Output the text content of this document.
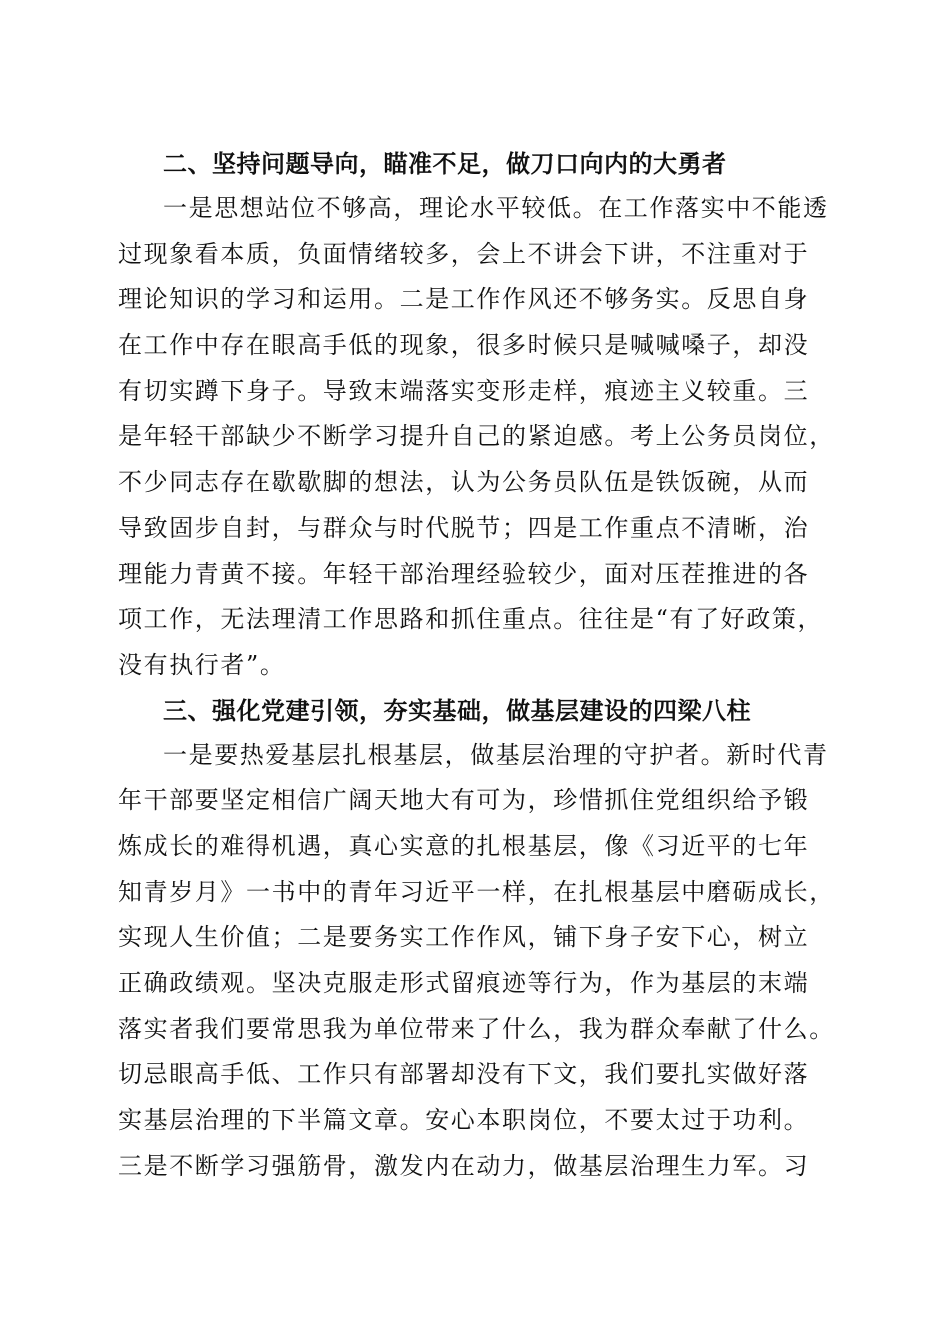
二、坚持问题导向，瞄准不足，做刀口向内的大勇者
一是思想站位不够高，理论水平较低。在工作落实中不能透
过现象看本质，负面情绪较多，会上不讲会下讲，不注重对于
理论知识的学习和运用。二是工作作风还不够务实。反思自身
在工作中存在眼高手低的现象，很多时候只是喊喊嗓子，却没
有切实蹲下身子。导致末端落实变形走样，痕迹主义较重。三
是年轻干部缺少不断学习提升自己的紧迫感。考上公务员岗位，
不少同志存在歇歇脚的想法，认为公务员队伍是铁饭碗，从而
导致固步自封，与群众与时代脱节；四是工作重点不清晰，治
理能力青黄不接。年轻干部治理经验较少，面对压茬推进的各
项工作，无法理清工作思路和抓住重点。往往是“有了好政策，
没有执行者”。
三、强化党建引领，夯实基础，做基层建设的四梁八柱
一是要热爱基层扎根基层，做基层治理的守护者。新时代青
年干部要坚定相信广阔天地大有可为，珍惜抓住党组织给予锻
炼成长的难得机遇，真心实意的扎根基层，像《习近平的七年
知青岁月》一书中的青年习近平一样，在扎根基层中磨砺成长，
实现人生价值；二是要务实工作作风，铺下身子安下心，树立
正确政绩观。坚决克服走形式留痕迹等行为，作为基层的末端
落实者我们要常思我为单位带来了什么，我为群众奉献了什么。
切忌眼高手低、工作只有部署却没有下文，我们要扎实做好落
实基层治理的下半篇文章。安心本职岗位，不要太过于功利。
三是不断学习强筋骨，激发内在动力，做基层治理生力军。习
